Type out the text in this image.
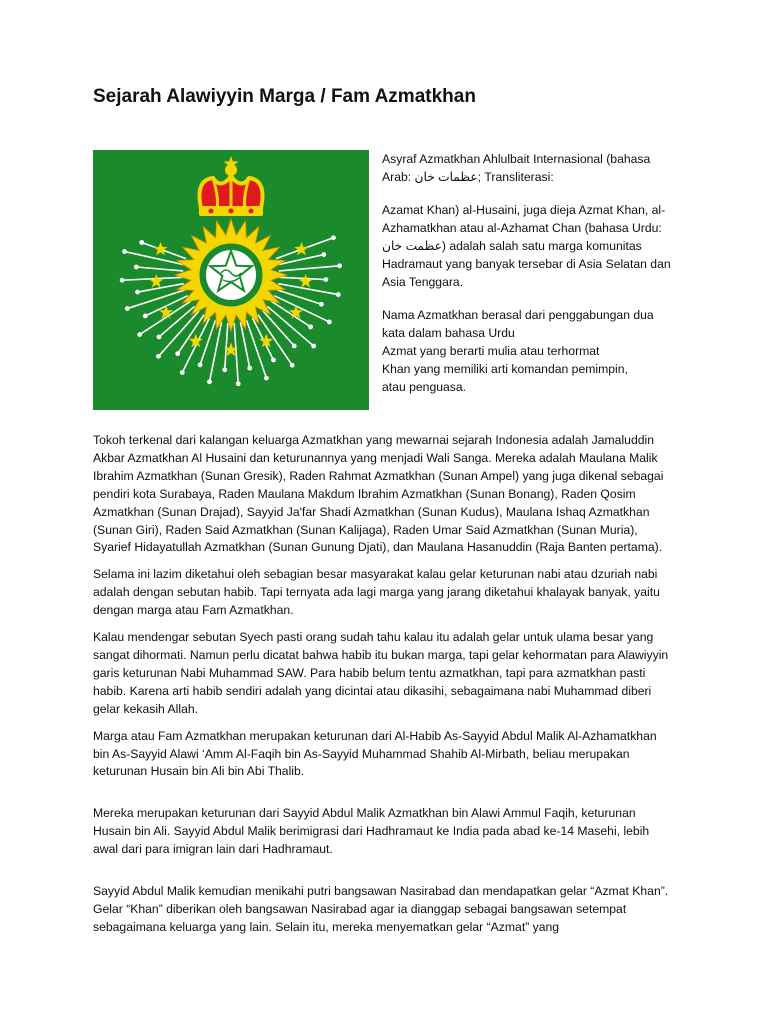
Sejarah Alawiyyin Marga / Fam Azmatkhan

Asyraf Azmatkhan Ahlulbait Internasional (bahasa Arab: عظمات خان; Transliterasi:

Azamat Khan) al-Husaini, juga dieja Azmat Khan, al-Azhamatkhan atau al-Azhamat Chan (bahasa Urdu: عظمت خان) adalah salah satu marga komunitas Hadramaut yang banyak tersebar di Asia Selatan dan Asia Tenggara.

Nama Azmatkhan berasal dari penggabungan dua
kata dalam bahasa Urdu
Azmat yang berarti mulia atau terhormat
Khan yang memiliki arti komandan pemimpin,
atau penguasa.

Tokoh terkenal dari kalangan keluarga Azmatkhan yang mewarnai sejarah Indonesia adalah Jamaluddin Akbar Azmatkhan Al Husaini dan keturunannya yang menjadi Wali Sanga. Mereka adalah Maulana Malik Ibrahim Azmatkhan (Sunan Gresik), Raden Rahmat Azmatkhan (Sunan Ampel) yang juga dikenal sebagai pendiri kota Surabaya, Raden Maulana Makdum Ibrahim Azmatkhan (Sunan Bonang), Raden Qosim Azmatkhan (Sunan Drajad), Sayyid Ja'far Shadi Azmatkhan (Sunan Kudus), Maulana Ishaq Azmatkhan (Sunan Giri), Raden Said Azmatkhan (Sunan Kalijaga), Raden Umar Said Azmatkhan (Sunan Muria), Syarief Hidayatullah Azmatkhan (Sunan Gunung Djati), dan Maulana Hasanuddin (Raja Banten pertama).

Selama ini lazim diketahui oleh sebagian besar masyarakat kalau gelar keturunan nabi atau dzuriah nabi adalah dengan sebutan habib. Tapi ternyata ada lagi marga yang jarang diketahui khalayak banyak, yaitu dengan marga atau Fam Azmatkhan.

Kalau mendengar sebutan Syech pasti orang sudah tahu kalau itu adalah gelar untuk ulama besar yang sangat dihormati. Namun perlu dicatat bahwa habib itu bukan marga, tapi gelar kehormatan para Alawiyyin garis keturunan Nabi Muhammad SAW. Para habib belum tentu azmatkhan, tapi para azmatkhan pasti habib. Karena arti habib sendiri adalah yang dicintai atau dikasihi, sebagaimana nabi Muhammad diberi gelar kekasih Allah.

Marga atau Fam Azmatkhan merupakan keturunan dari Al-Habib As-Sayyid Abdul Malik Al-Azhamatkhan bin As-Sayyid Alawi ‘Amm Al-Faqih bin As-Sayyid Muhammad Shahib Al-Mirbath, beliau merupakan keturunan Husain bin Ali bin Abi Thalib.

Mereka merupakan keturunan dari Sayyid Abdul Malik Azmatkhan bin Alawi Ammul Faqih, keturunan Husain bin Ali. Sayyid Abdul Malik berimigrasi dari Hadhramaut ke India pada abad ke-14 Masehi, lebih awal dari para imigran lain dari Hadhramaut.

Sayyid Abdul Malik kemudian menikahi putri bangsawan Nasirabad dan mendapatkan gelar “Azmat Khan”. Gelar “Khan” diberikan oleh bangsawan Nasirabad agar ia dianggap sebagai bangsawan setempat sebagaimana keluarga yang lain. Selain itu, mereka menyematkan gelar “Azmat” yang
